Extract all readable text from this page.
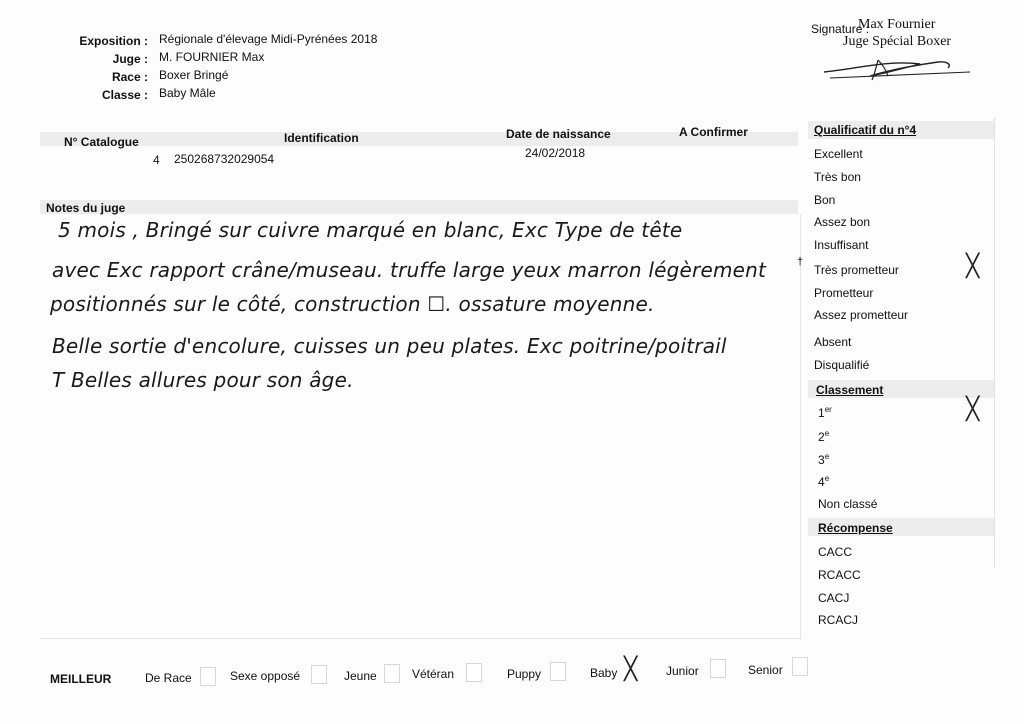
Exposition : Régionale d'élevage Midi-Pyrénées 2018
Juge : M. FOURNIER Max
Race : Boxer Bringé
Classe : Baby Mâle
Signature :
Max Fournier
Juge Spécial Boxer
N° Catalogue	Identification	Date de naissance	A Confirmer
4 250268732029054	24/02/2018
Notes du juge
5 mois , Bringé sur cuivre marqué en blanc, Exc Type de tête
avec Exc rapport crâne/museau. truffe large yeux marron légèrement	†
positionnés sur le côté, construction ☐. ossature moyenne.
Belle sortie d'encolure, cuisses un peu plates. Exc poitrine/poitrail
T Belles allures pour son âge.
Qualificatif du n°4
Excellent
Très bon
Bon
Assez bon
Insuffisant
Très prometteur	╳
Prometteur
Assez prometteur
Absent
Disqualifié
Classement
1er	╳
2e
3e
4e
Non classé
Récompense
CACC
RCACC
CACJ
RCACJ
MEILLEUR	De Race	Sexe opposé	Jeune	Vétéran	Puppy	Baby ╳ Junior	Senior
